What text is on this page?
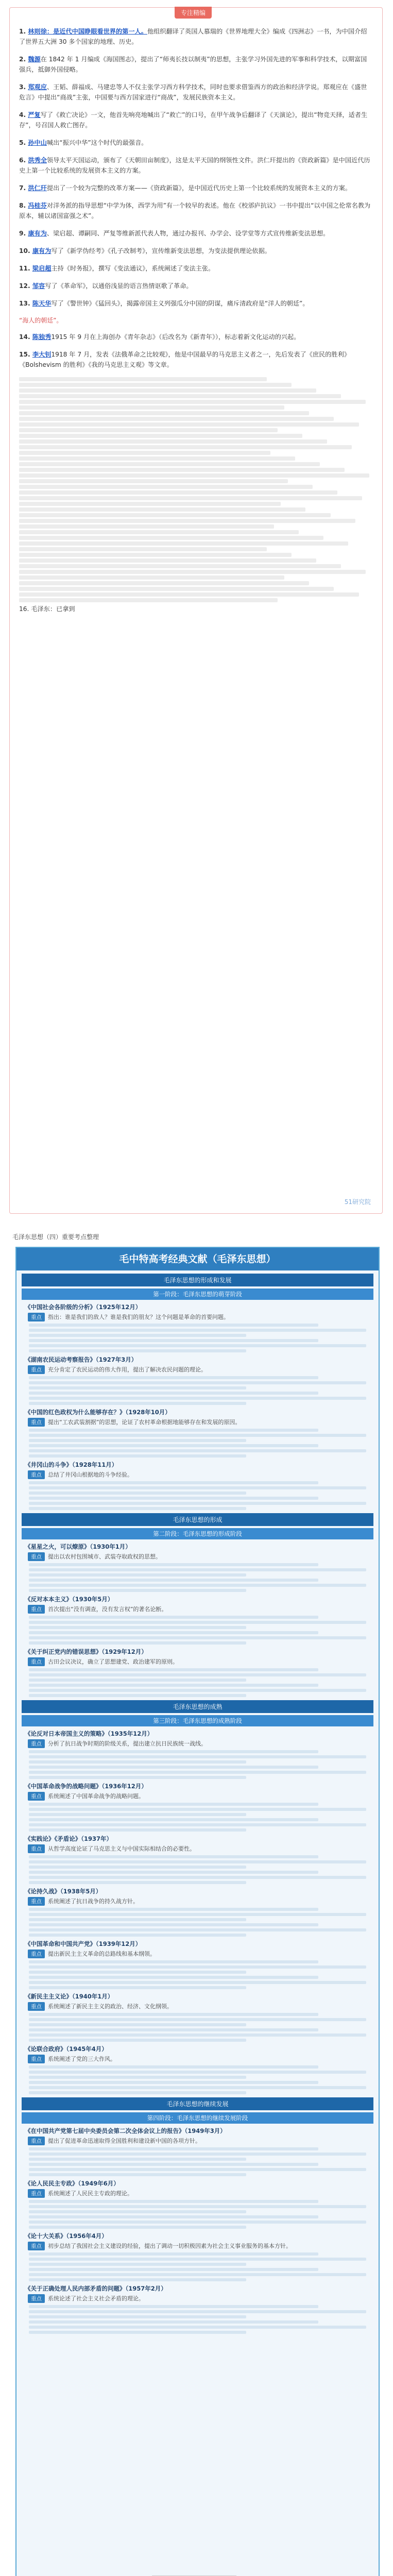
专注精编
1. 林则徐：是近代中国睁眼看世界的第一人。他组织翻译了英国人慕瑞的《世界地理大全》编成《四洲志》一书，为中国介绍了世界五大洲 30 多个国家的地理、历史。
2. 魏源在 1842 年 1 月编成《海国图志》，提出了“师夷长技以制夷”的思想，主张学习外国先进的军事和科学技术，以期富国强兵，抵御外国侵略。
3. 郑观应、王韬、薛福成、马建忠等人不仅主张学习西方科学技术，同时也要求借鉴西方的政治和经济学说。郑观应在《盛世危言》中提出“商战”主张，中国要与西方国家进行“商战”，发展民族资本主义。
4. 严复写了《救亡决论》一文，他首先响亮地喊出了“救亡”的口号，在甲午战争后翻译了《天演论》，提出“物竞天择，适者生存”，号召国人救亡图存。
5. 孙中山喊出“振兴中华”这个时代的最强音。
6. 洪秀全领导太平天国运动，颁布了《天朝田亩制度》，这是太平天国的纲领性文件。洪仁玕提出的《资政新篇》是中国近代历史上第一个比较系统的发展资本主义的方案。
7. 洪仁玕提出了一个较为完整的改革方案——《资政新篇》，是中国近代历史上第一个比较系统的发展资本主义的方案。
8. 冯桂芬对洋务派的指导思想“中学为体，西学为用”有一个较早的表述。他在《校邠庐抗议》一书中提出“以中国之伦常名教为原本，辅以诸国富强之术”。
9. 康有为、梁启超、谭嗣同、严复等维新派代表人物，通过办报刊、办学会、设学堂等方式宣传维新变法思想。
10. 康有为写了《新学伪经考》《孔子改制考》，宣传维新变法思想，为变法提供理论依据。
11. 梁启超主持《时务报》，撰写《变法通议》，系统阐述了变法主张。
12. 邹容写了《革命军》，以通俗浅显的语言热情讴歌了革命。
13. 陈天华写了《警世钟》《猛回头》，揭露帝国主义列强瓜分中国的阴谋，痛斥清政府是“洋人的朝廷”。
“海人的朝廷”。
14. 陈独秀1915 年 9 月在上海创办《青年杂志》（后改名为《新青年》），标志着新文化运动的兴起。
15. 李大钊1918 年 7 月，发表《法俄革命之比较观》，他是中国最早的马克思主义者之一，先后发表了《庶民的胜利》《Bolshevism 的胜利》《我的马克思主义观》等文章。
16. 毛泽东：已拿到
51研究院
毛泽东思想（四）重要考点整理
毛中特高考经典文献（毛泽东思想）
毛泽东思想的形成和发展
第一阶段：毛泽东思想的萌芽阶段
《中国社会各阶级的分析》（1925年12月）
重点 指出：谁是我们的敌人？谁是我们的朋友？这个问题是革命的首要问题。
《湖南农民运动考察报告》（1927年3月）
重点 充分肯定了农民运动的伟大作用，提出了解决农民问题的理论。
《中国的红色政权为什么能够存在？》（1928年10月）
重点 提出“工农武装割据”的思想，论证了农村革命根据地能够存在和发展的原因。
《井冈山的斗争》（1928年11月）
重点 总结了井冈山根据地的斗争经验。
毛泽东思想的形成
第二阶段：毛泽东思想的形成阶段
《星星之火，可以燎原》（1930年1月）
重点 提出以农村包围城市、武装夺取政权的思想。
《反对本本主义》（1930年5月）
重点 首次提出“没有调查，没有发言权”的著名论断。
《关于纠正党内的错误思想》（1929年12月）
重点 古田会议决议，确立了思想建党、政治建军的原则。
毛泽东思想的成熟
第三阶段：毛泽东思想的成熟阶段
《论反对日本帝国主义的策略》（1935年12月）
重点 分析了抗日战争时期的阶级关系，提出建立抗日民族统一战线。
《中国革命战争的战略问题》（1936年12月）
重点 系统阐述了中国革命战争的战略问题。
《实践论》《矛盾论》（1937年）
重点 从哲学高度论证了马克思主义与中国实际相结合的必要性。
《论持久战》（1938年5月）
重点 系统阐述了抗日战争的持久战方针。
《中国革命和中国共产党》（1939年12月）
重点 提出新民主主义革命的总路线和基本纲领。
《新民主主义论》（1940年1月）
重点 系统阐述了新民主主义的政治、经济、文化纲领。
《论联合政府》（1945年4月）
重点 系统阐述了党的三大作风。
毛泽东思想的继续发展
第四阶段：毛泽东思想的继续发展阶段
《在中国共产党第七届中央委员会第二次全体会议上的报告》（1949年3月）
重点 提出了促进革命迅速取得全国胜利和建设新中国的各项方针。
《论人民民主专政》（1949年6月）
重点 系统阐述了人民民主专政的理论。
《论十大关系》（1956年4月）
重点 初步总结了我国社会主义建设的经验，提出了调动一切积极因素为社会主义事业服务的基本方针。
《关于正确处理人民内部矛盾的问题》（1957年2月）
重点 系统论述了社会主义社会矛盾的理论。
